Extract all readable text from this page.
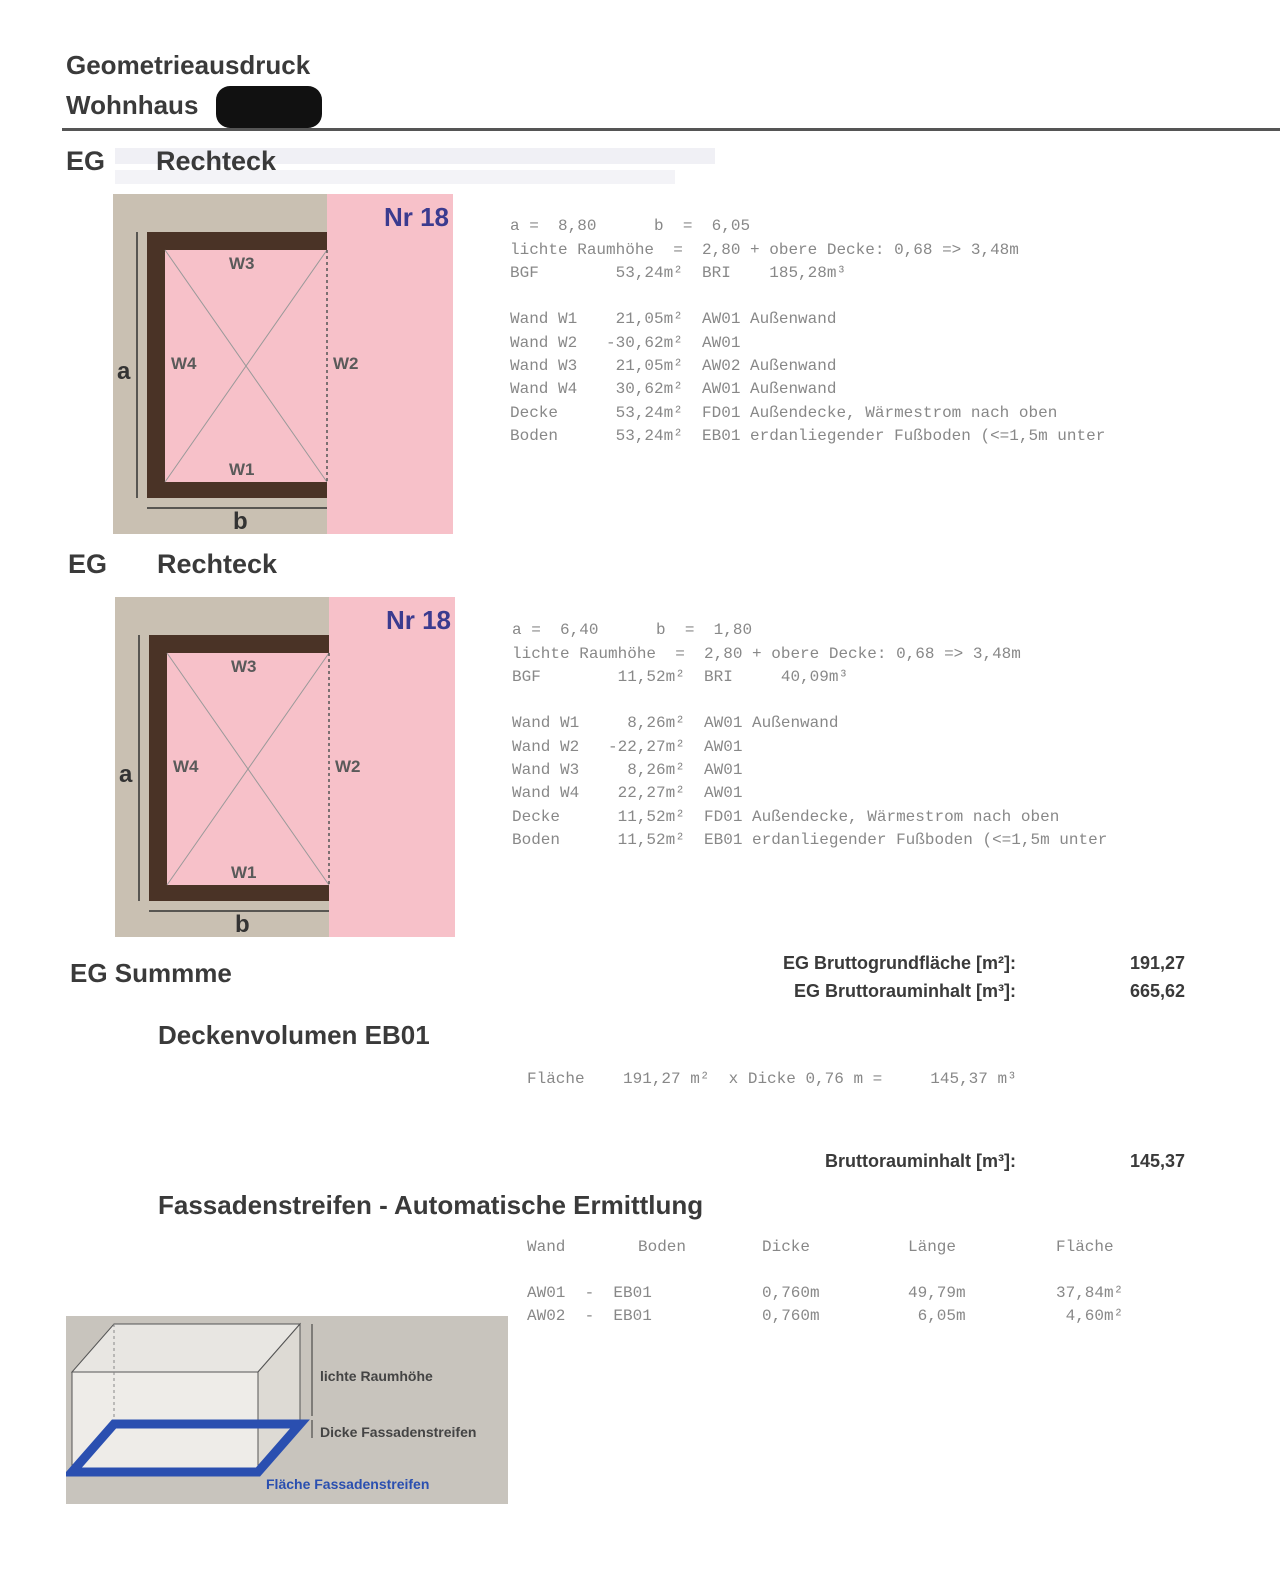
Geometrieausdruck
Wohnhaus
EG Rechteck
Nr 18
W3
W4	W2
W1
a
b

a =  8,80      b  =  6,05
lichte Raumhöhe  =  2,80 + obere Decke: 0,68 => 3,48m
BGF        53,24m²  BRI    185,28m³

Wand W1    21,05m²  AW01 Außenwand
Wand W2   -30,62m²  AW01
Wand W3    21,05m²  AW02 Außenwand
Wand W4    30,62m²  AW01 Außenwand
Decke      53,24m²  FD01 Außendecke, Wärmestrom nach oben
Boden      53,24m²  EB01 erdanliegender Fußboden (<=1,5m unter

EG Rechteck
Nr 18
W3
W4	W2
W1
a
b

a =  6,40      b  =  1,80
lichte Raumhöhe  =  2,80 + obere Decke: 0,68 => 3,48m
BGF        11,52m²  BRI     40,09m³

Wand W1     8,26m²  AW01 Außenwand
Wand W2   -22,27m²  AW01
Wand W3     8,26m²  AW01
Wand W4    22,27m²  AW01
Decke      11,52m²  FD01 Außendecke, Wärmestrom nach oben
Boden      11,52m²  EB01 erdanliegender Fußboden (<=1,5m unter

EG Summme	EG Bruttogrundfläche [m²]:	191,27
EG Bruttorauminhalt [m³]:	665,62
Deckenvolumen EB01
Fläche    191,27 m²  x Dicke 0,76 m =     145,37 m³
Bruttorauminhalt [m³]:	145,37
Fassadenstreifen - Automatische Ermittlung
Wand	Boden	Dicke	Länge	Fläche
AW01  -  EB01	0,760m	49,79m	37,84m²
AW02  -  EB01	0,760m	6,05m	4,60m²
lichte Raumhöhe
Dicke Fassadenstreifen
Fläche Fassadenstreifen
